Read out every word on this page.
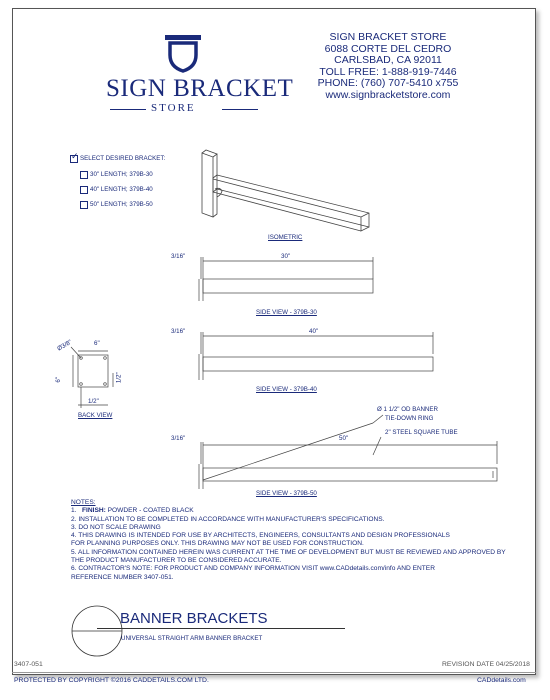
SIGN BRACKET
STORE
SIGN BRACKET STORE
6088 CORTE DEL CEDRO
CARLSBAD, CA 92011
TOLL FREE: 1-888-919-7446
PHONE: (760) 707-5410 x755
www.signbracketstore.com
✓ SELECT DESIRED BRACKET:
30" LENGTH; 379B-30
40" LENGTH; 379B-40
50" LENGTH; 379B-50
ISOMETRIC
3/16"	30"
SIDE VIEW - 379B-30
3/16"	40"
SIDE VIEW - 379B-40
Ø3/8"	6"
6"	1/2"
1/2"
BACK VIEW
Ø 1 1/2" OD BANNER
TIE-DOWN RING
2" STEEL SQUARE TUBE
3/16"	50"
SIDE VIEW - 379B-50
NOTES:
1. FINISH: POWDER - COATED BLACK
2. INSTALLATION TO BE COMPLETED IN ACCORDANCE WITH MANUFACTURER'S SPECIFICATIONS.
3. DO NOT SCALE DRAWING
4. THIS DRAWING IS INTENDED FOR USE BY ARCHITECTS, ENGINEERS, CONSULTANTS AND DESIGN PROFESSIONALS
FOR PLANNING PURPOSES ONLY. THIS DRAWING MAY NOT BE USED FOR CONSTRUCTION.
5. ALL INFORMATION CONTAINED HEREIN WAS CURRENT AT THE TIME OF DEVELOPMENT BUT MUST BE REVIEWED AND APPROVED BY
THE PRODUCT MANUFACTURER TO BE CONSIDERED ACCURATE.
6. CONTRACTOR'S NOTE: FOR PRODUCT AND COMPANY INFORMATION VISIT www.CADdetails.com/info AND ENTER
REFERENCE NUMBER 3407-051.
BANNER BRACKETS
UNIVERSAL STRAIGHT ARM BANNER BRACKET
3407-051	REVISION DATE 04/25/2018
PROTECTED BY COPYRIGHT ©2016 CADDETAILS.COM LTD.	CADdetails.com
